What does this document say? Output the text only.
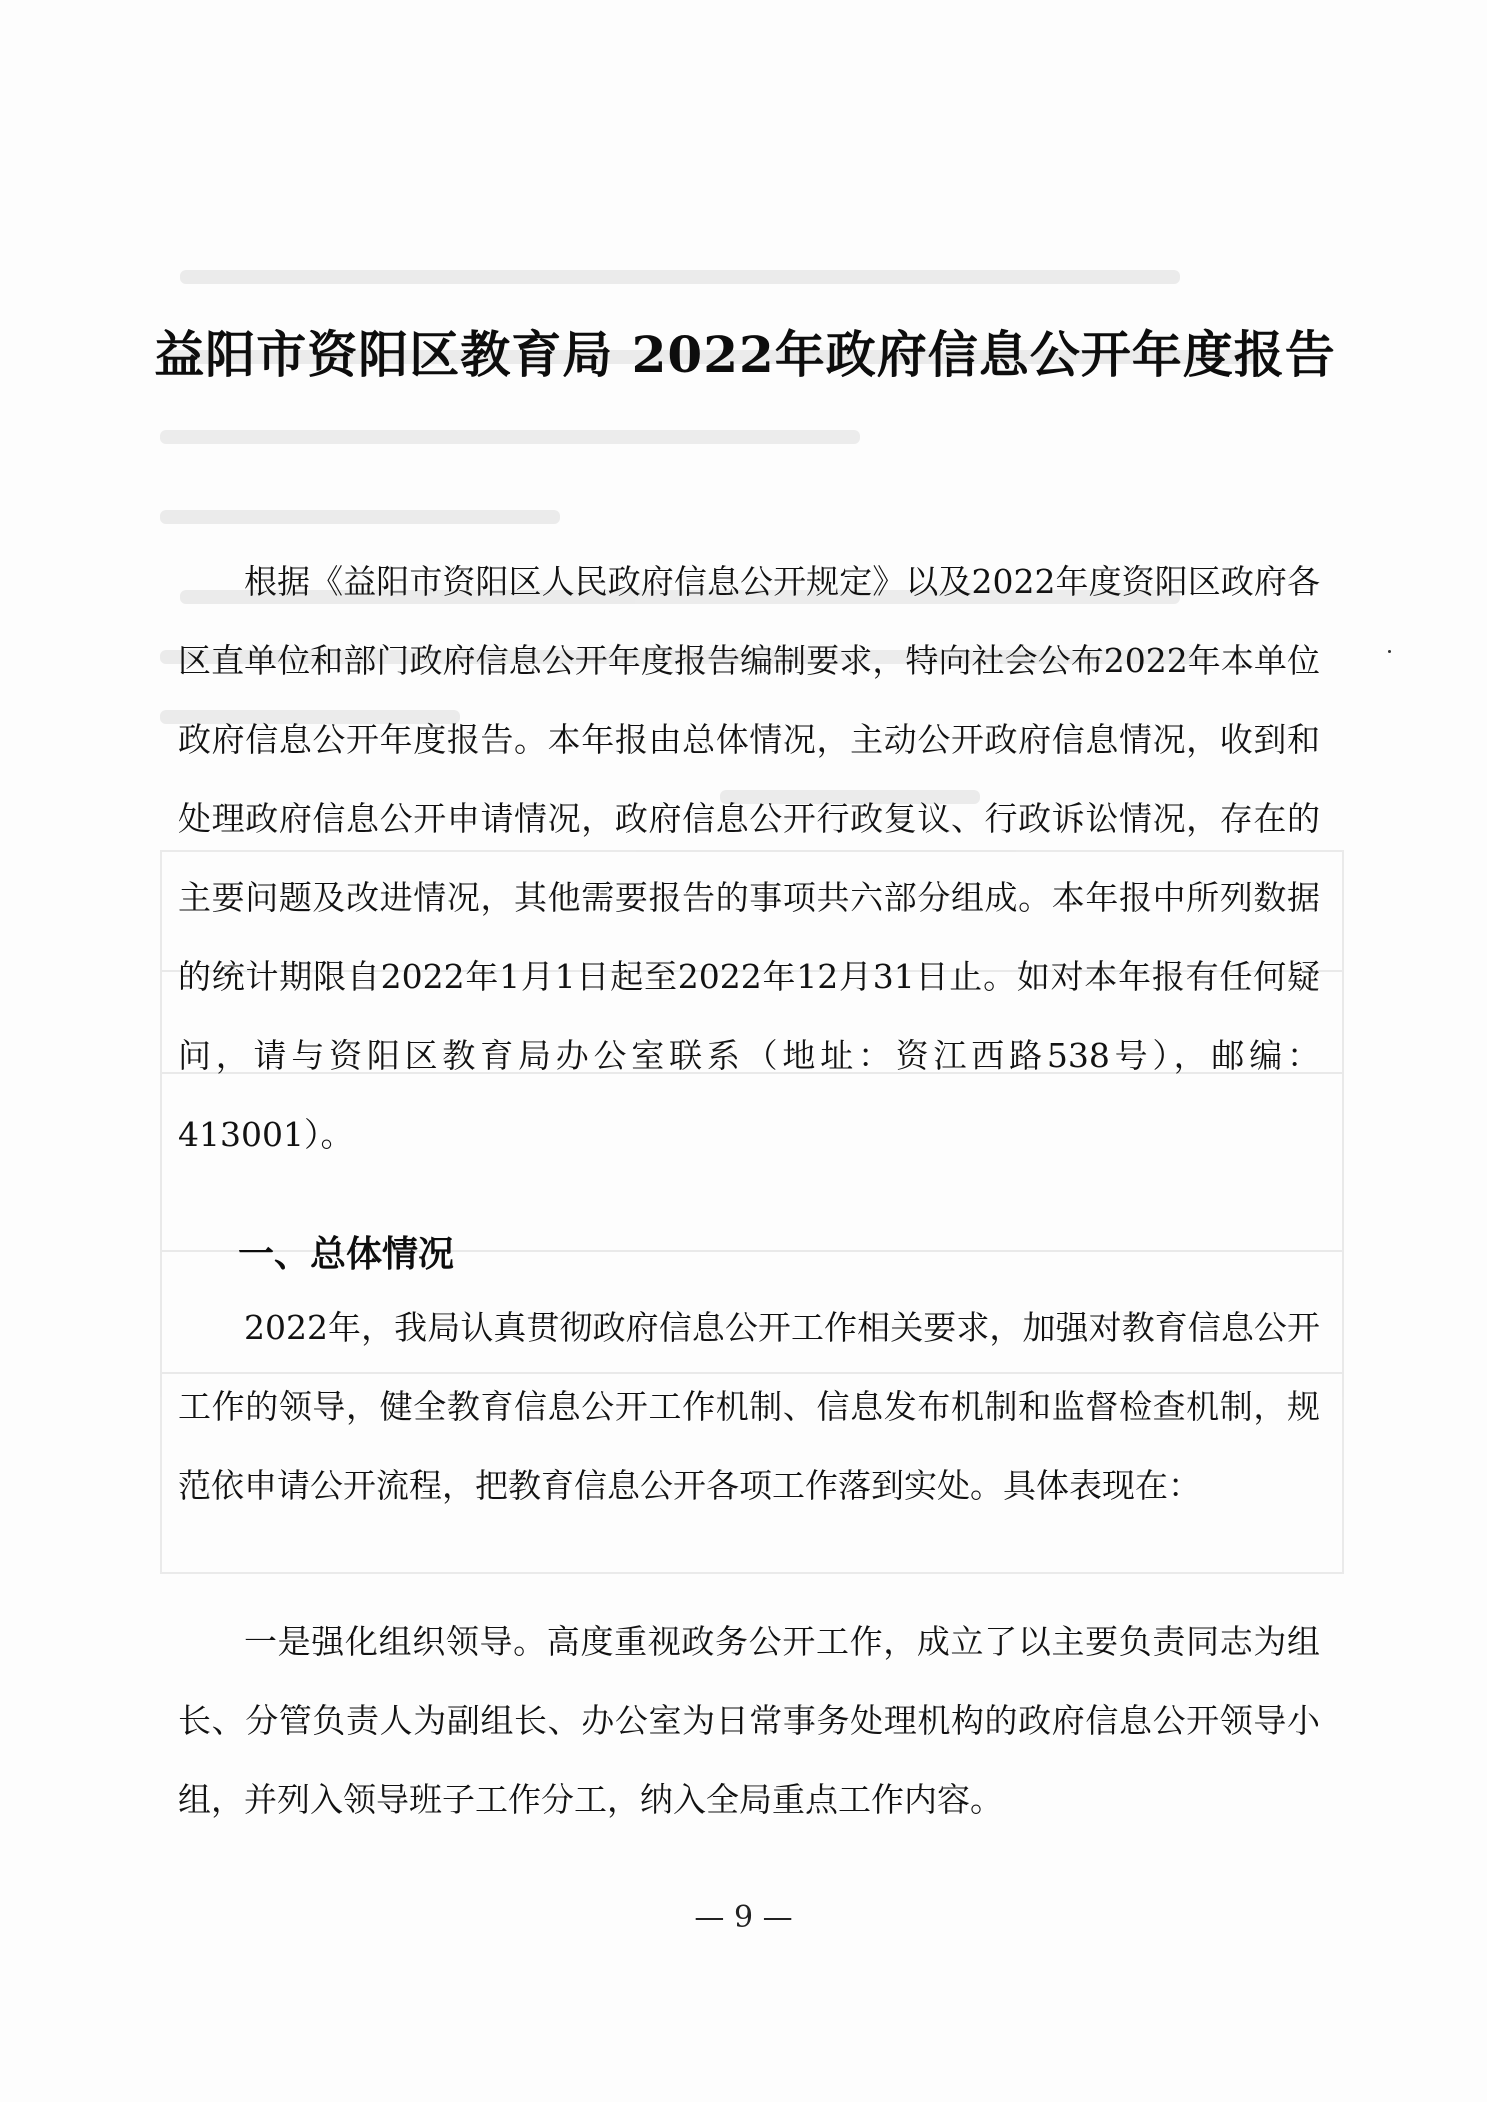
益阳市资阳区教育局 2022年政府信息公开年度报告
根据《益阳市资阳区人民政府信息公开规定》以及2022年度资阳区政府各区直单位和部门政府信息公开年度报告编制要求，特向社会公布2022年本单位政府信息公开年度报告。本年报由总体情况，主动公开政府信息情况，收到和处理政府信息公开申请情况，政府信息公开行政复议、行政诉讼情况，存在的主要问题及改进情况，其他需要报告的事项共六部分组成。本年报中所列数据的统计期限自2022年1月1日起至2022年12月31日止。如对本年报有任何疑问，请与资阳区教育局办公室联系（地址：资江西路538号），邮编：413001）。
一、总体情况
2022年，我局认真贯彻政府信息公开工作相关要求，加强对教育信息公开工作的领导，健全教育信息公开工作机制、信息发布机制和监督检查机制，规范依申请公开流程，把教育信息公开各项工作落到实处。具体表现在：
一是强化组织领导。高度重视政务公开工作，成立了以主要负责同志为组长、分管负责人为副组长、办公室为日常事务处理机构的政府信息公开领导小组，并列入领导班子工作分工，纳入全局重点工作内容。
— 9 —
